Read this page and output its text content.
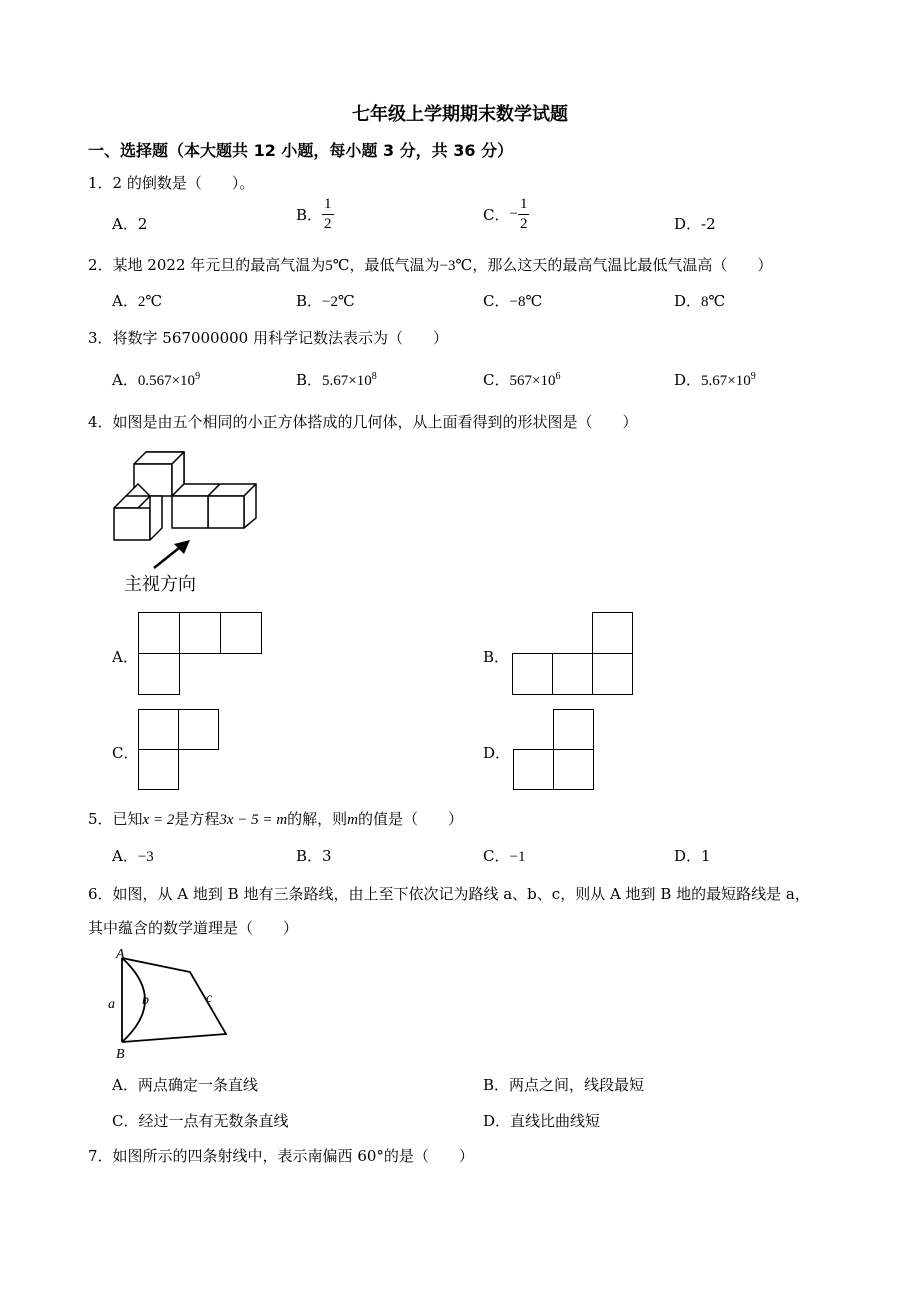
七年级上学期期末数学试题
一、选择题（本大题共 12 小题，每小题 3 分，共 36 分）
1．2 的倒数是（　　）。
A．2	B． $\frac{1}{2}$	C．− $\frac{1}{2}$	D．-2
2．某地 2022 年元旦的最高气温为5℃，最低气温为−3℃，那么这天的最高气温比最低气温高（　　）
A．2℃	B．−2℃	C．−8℃	D．8℃
3．将数字 567000000 用科学记数法表示为（　　）
A．$0.567\times 10^9$	B．$5.67\times 10^8$	C．$567\times 10^6$	D．$5.67\times 10^9$
4．如图是由五个相同的小正方体搭成的几何体，从上面看得到的形状图是（　　）
主视方向
A．	B．
C．	D．
5．已知x = 2是方程3x − 5 = m的解，则m的值是（　　）
A．−3	B．3	C．−1	D．1
6．如图，从 A 地到 B 地有三条路线，由上至下依次记为路线 a、b、c，则从 A 地到 B 地的最短路线是 a，
其中蕴含的数学道理是（　　）
A
B
a b	c
A．两点确定一条直线	B．两点之间，线段最短
C．经过一点有无数条直线	D．直线比曲线短
7．如图所示的四条射线中，表示南偏西 60°的是（　　）
